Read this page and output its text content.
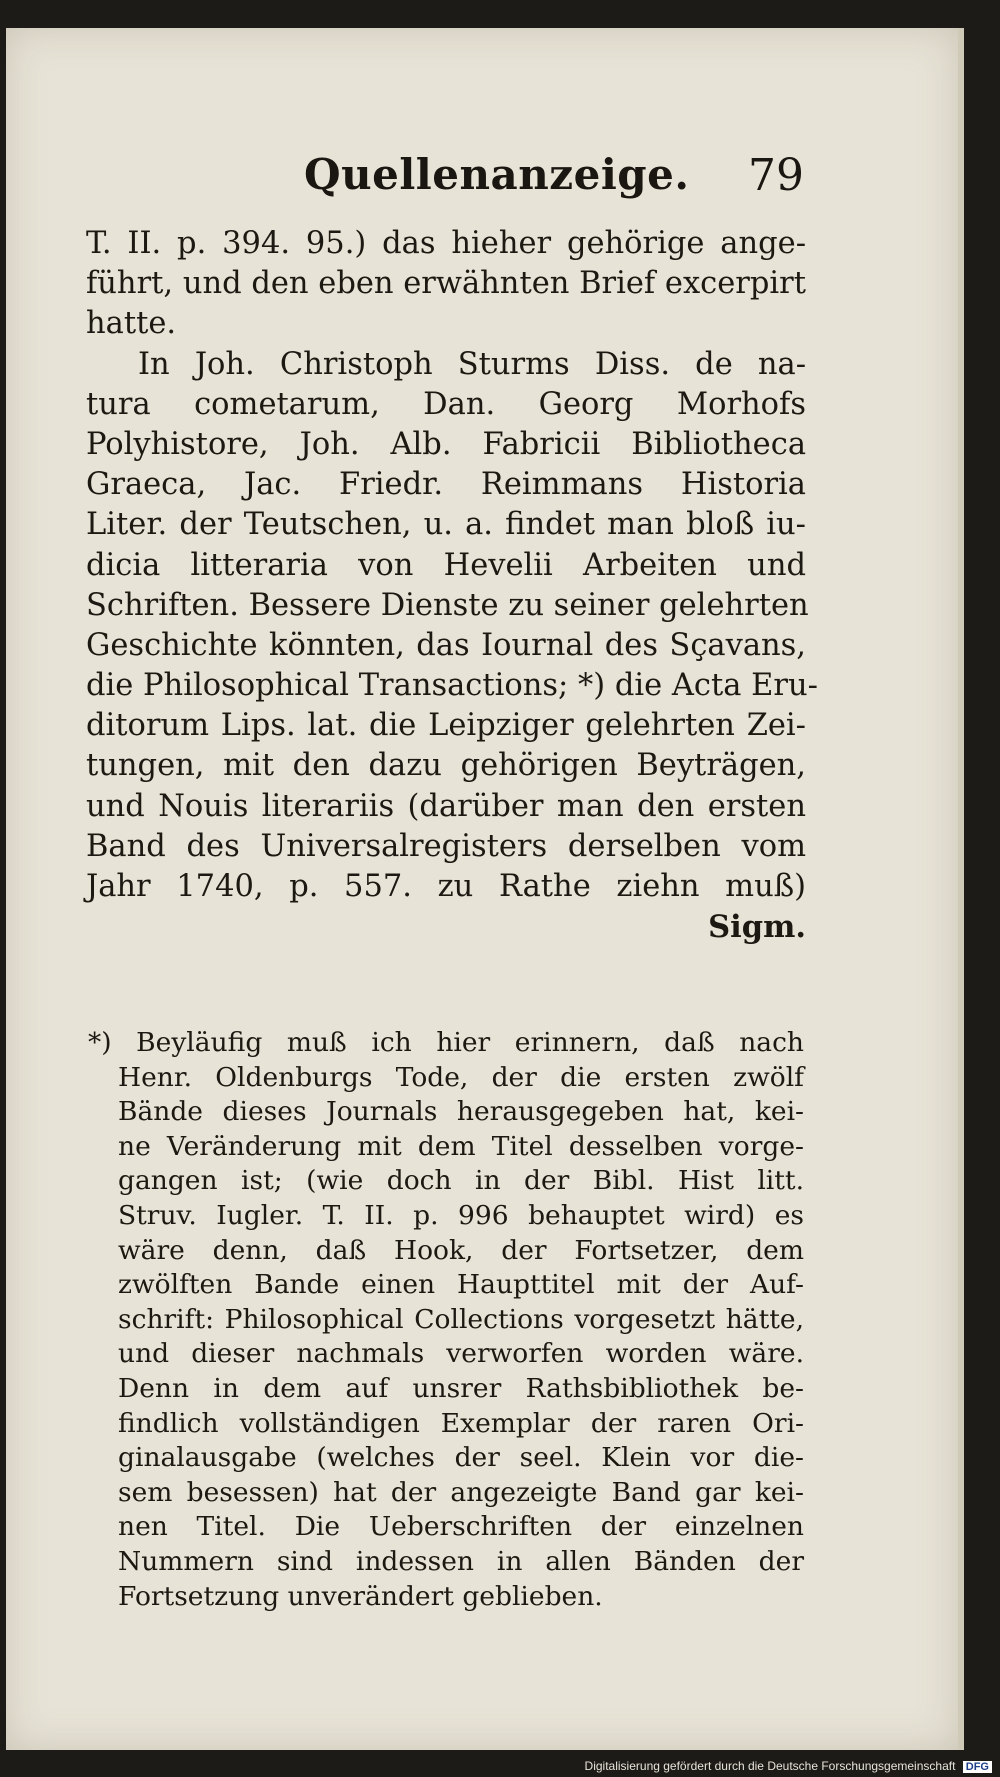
Quellenanzeige. 79
T. II. p. 394. 95.) das hieher gehörige ange-
führt, und den eben erwähnten Brief excerpirt
hatte.
In Joh. Christoph Sturms Diss. de na-
tura cometarum, Dan. Georg Morhofs
Polyhistore, Joh. Alb. Fabricii Bibliotheca
Graeca, Jac. Friedr. Reimmans Historia
Liter. der Teutschen, u. a. findet man bloß iu-
dicia litteraria von Hevelii Arbeiten und
Schriften. Bessere Dienste zu seiner gelehrten
Geschichte könnten, das Iournal des Sçavans,
die Philosophical Transactions; *) die Acta Eru-
ditorum Lips. lat. die Leipziger gelehrten Zei-
tungen, mit den dazu gehörigen Beyträgen,
und Nouis literariis (darüber man den ersten
Band des Universalregisters derselben vom
Jahr 1740, p. 557. zu Rathe ziehn muß)
Sigm.
*) Beyläufig muß ich hier erinnern, daß nach
Henr. Oldenburgs Tode, der die ersten zwölf
Bände dieses Journals herausgegeben hat, kei-
ne Veränderung mit dem Titel desselben vorge-
gangen ist; (wie doch in der Bibl. Hist litt.
Struv. Iugler. T. II. p. 996 behauptet wird) es
wäre denn, daß Hook, der Fortsetzer, dem
zwölften Bande einen Haupttitel mit der Auf-
schrift: Philosophical Collections vorgesetzt hätte,
und dieser nachmals verworfen worden wäre.
Denn in dem auf unsrer Rathsbibliothek be-
findlich vollständigen Exemplar der raren Ori-
ginalausgabe (welches der seel. Klein vor die-
sem besessen) hat der angezeigte Band gar kei-
nen Titel. Die Ueberschriften der einzelnen
Nummern sind indessen in allen Bänden der
Fortsetzung unverändert geblieben.
Digitalisierung gefördert durch die Deutsche Forschungsgemeinschaft DFG
